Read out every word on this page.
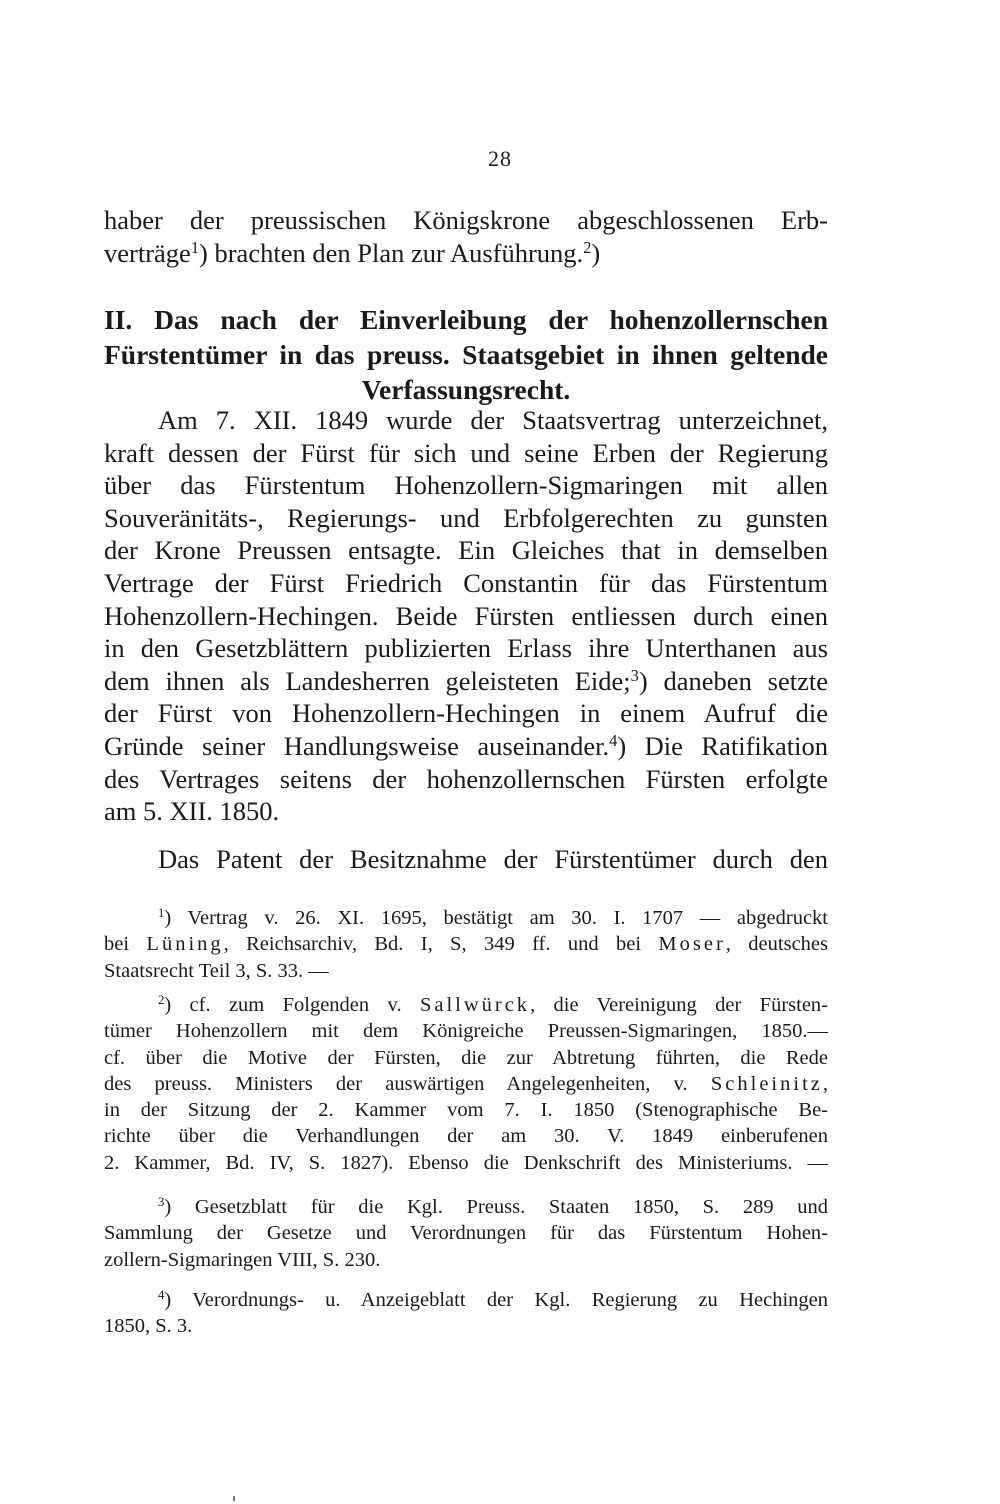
28
haber der preussischen Königskrone abgeschlossenen Erb-
verträge$^1$) brachten den Plan zur Ausführung.$^2$)
II. Das nach der Einverleibung der hohenzollernschen
Fürstentümer in das preuss. Staatsgebiet in ihnen geltende
Verfassungsrecht.
Am 7. XII. 1849 wurde der Staatsvertrag unterzeichnet,
kraft dessen der Fürst für sich und seine Erben der Regierung
über das Fürstentum Hohenzollern-Sigmaringen mit allen
Souveränitäts-, Regierungs- und Erbfolgerechten zu gunsten
der Krone Preussen entsagte. Ein Gleiches that in demselben
Vertrage der Fürst Friedrich Constantin für das Fürstentum
Hohenzollern-Hechingen. Beide Fürsten entliessen durch einen
in den Gesetzblättern publizierten Erlass ihre Unterthanen aus
dem ihnen als Landesherren geleisteten Eide;$^3$) daneben setzte
der Fürst von Hohenzollern-Hechingen in einem Aufruf die
Gründe seiner Handlungsweise auseinander.$^4$) Die Ratifikation
des Vertrages seitens der hohenzollernschen Fürsten erfolgte
am 5. XII. 1850.
Das Patent der Besitznahme der Fürstentümer durch den
$^1$) Vertrag v. 26. XI. 1695, bestätigt am 30. I. 1707 — abgedruckt
bei Lüning, Reichsarchiv, Bd. I, S, 349 ff. und bei Moser, deutsches
Staatsrecht Teil 3, S. 33. —
$^2$) cf. zum Folgenden v. Sallwürck, die Vereinigung der Fürsten-
tümer Hohenzollern mit dem Königreiche Preussen-Sigmaringen, 1850.—
cf. über die Motive der Fürsten, die zur Abtretung führten, die Rede
des preuss. Ministers der auswärtigen Angelegenheiten, v. Schleinitz,
in der Sitzung der 2. Kammer vom 7. I. 1850 (Stenographische Be-
richte über die Verhandlungen der am 30. V. 1849 einberufenen
2. Kammer, Bd. IV, S. 1827). Ebenso die Denkschrift des Ministeriums. —
$^3$) Gesetzblatt für die Kgl. Preuss. Staaten 1850, S. 289 und
Sammlung der Gesetze und Verordnungen für das Fürstentum Hohen-
zollern-Sigmaringen VIII, S. 230.
$^4$) Verordnungs- u. Anzeigeblatt der Kgl. Regierung zu Hechingen
1850, S. 3.
